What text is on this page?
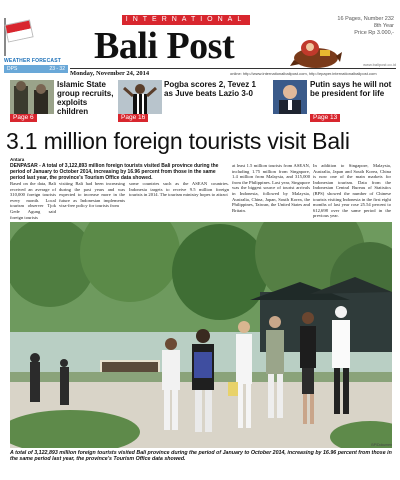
WEATHER FORECAST
DPS	23 - 32
INTERNATIONAL
Bali Post
16 Pages, Number 232
8th Year
Price Rp 3.000,-
www.balipost.co.id
Monday, November 24, 2014	online: http://www.internationalbalipost.com, http://epaper.internationalbalipost.com
Islamic State group recruits, exploits children
Page 6
Pogba scores 2, Tevez 1 as Juve beats Lazio 3-0
Page 16
Putin says he will not be president for life
Page 13
3.1 million foreign tourists visit Bali
Antara
DENPASAR - A total of 3,122,893 million foreign tourists visited Bali province during the period of January to October 2014, increasing by 16.96 percent from those in the same period last year, the province's Tourism Office data showed.
Based on the data, Bali received an average of 310,000 foreign tourists every month. Local tourism observer Tjok Gede Agung said foreign tourists
visiting Bali had been increasing during the past years and was expected to increase more in the future as Indonesian implements visa-free policy for tourists from
some countries such as the ASEAN countries. Indonesia targets to receive 9.5 million foreign tourists in 2014. The tourism ministry hopes to attract
at least 1.5 million tourists from ASEAN, including 1.75 million from Singapore, 1.4 million from Malaysia, and 315,000 from the Philippines. Last year, Singapore was the biggest source of tourist arrivals in Indonesia, followed by Malaysia, Australia, China, Japan, South Korea, the Philippines, Taiwan, the United States and Britain.
In addition to Singapore, Malaysia, Australia, Japan and South Korea, China is now one of the main markets for Indonesian tourism. Data from the Indonesian Central Bureau of Statistics (BPS) showed the number of Chinese tourists visiting Indonesia in the first eight months of last year rose 25.54 percent to 612,698 over the same period in the previous year.
BP/Dokumen
A total of 3,122,893 million foreign tourists visited Bali province during the period of January to October 2014, increasing by 16.96 percent from those in the same period last year, the province's Tourism Office data showed.
